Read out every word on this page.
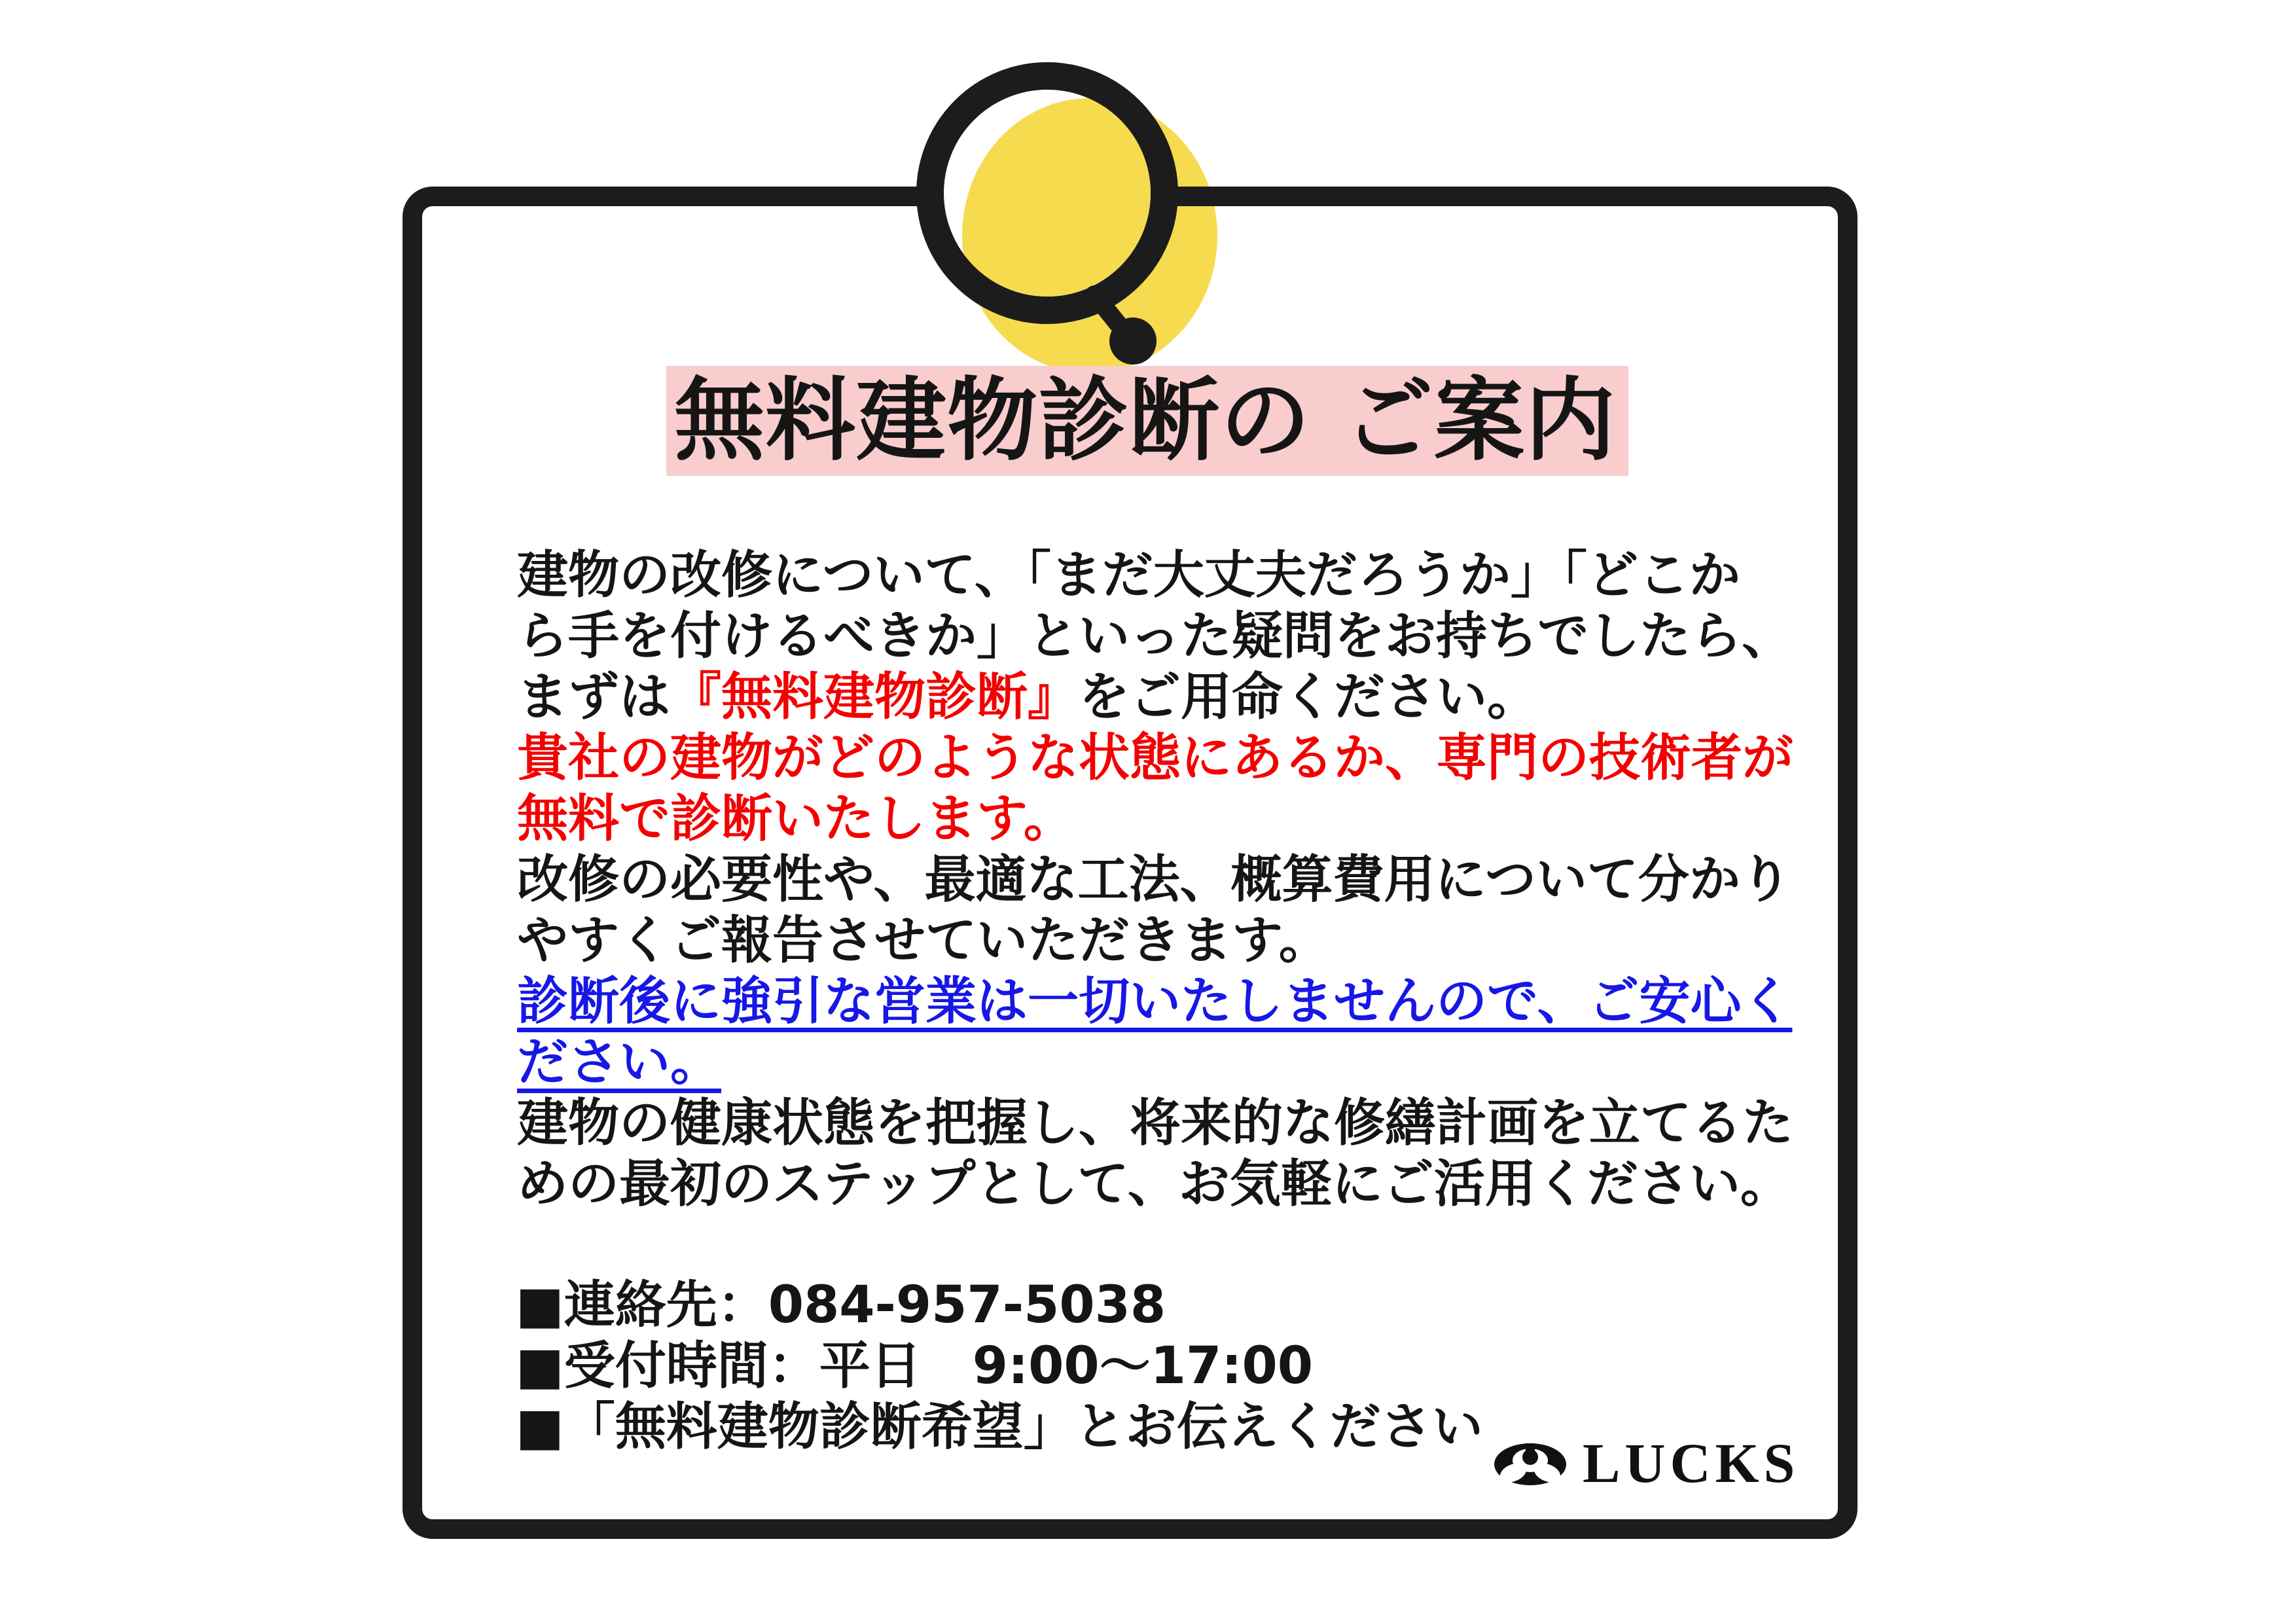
無料建物診断の ご案内
建物の改修について、「まだ大丈夫だろうか」「どこか
ら手を付けるべきか」といった疑問をお持ちでしたら、
まずは『無料建物診断』をご用命ください。
貴社の建物がどのような状態にあるか、専門の技術者が
無料で診断いたします。
改修の必要性や、最適な工法、概算費用について分かり
やすくご報告させていただきます。
診断後に強引な営業は一切いたしませんので、ご安心く
ださい。
建物の健康状態を把握し、将来的な修繕計画を立てるた
めの最初のステップとして、お気軽にご活用ください。
■連絡先：084-957-5038
■受付時間：平日　9:00～17:00
■「無料建物診断希望」とお伝えください
LUCKS
